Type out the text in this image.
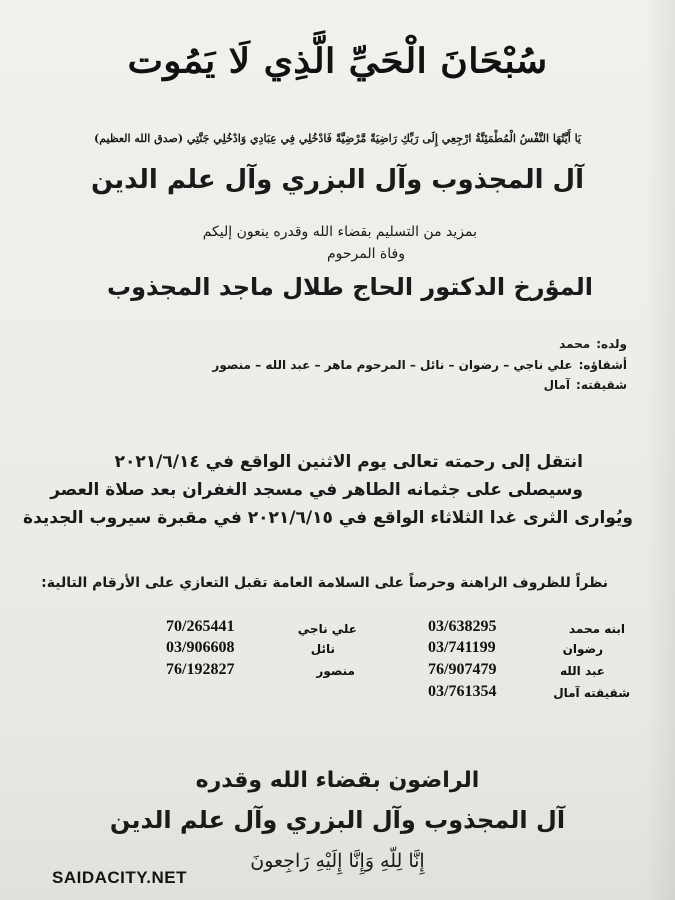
سُبْحَانَ الْحَيِّ الَّذِي لَا يَمُوت
يَا أَيَّتُهَا النَّفْسُ الْمُطْمَئِنَّةُ ارْجِعِي إِلَى رَبِّكِ رَاضِيَةً مَّرْضِيَّةً فَادْخُلِي فِي عِبَادِي وَادْخُلِي جَنَّتِي (صدق الله العظيم)
آل المجذوب وآل البزري وآل علم الدين
بمزيد من التسليم بقضاء الله وقدره ينعون إليكم
وفاة المرحوم
المؤرخ الدكتور الحاج طلال ماجد المجذوب
ولده:محمد
أشقاؤه:علي ناجي – رضوان – نائل – المرحوم ماهر – عبد الله – منصور
شقيقته:آمال
انتقل إلى رحمته تعالى يوم الاثنين الواقع في ٢٠٢١/٦/١٤
وسيصلى على جثمانه الطاهر في مسجد الغفران بعد صلاة العصر
ويُوارى الثرى غدا الثلاثاء الواقع في ٢٠٢١/٦/١٥ في مقبرة سيروب الجديدة
نظراً للظروف الراهنة وحرصاً على السلامة العامة تقبل التعازي على الأرقام التالية:
ابنه محمد
03/638295
رضوان
03/741199
عبد الله
76/907479
شقيقته آمال
03/761354
علي ناجي
70/265441
نائل
03/906608
منصور
76/192827
الراضون بقضاء الله وقدره
آل المجذوب وآل البزري وآل علم الدين
إِنَّا لِلّهِ وَإِنَّا إِلَيْهِ رَاجِعونَ
SAIDACITY.NET
